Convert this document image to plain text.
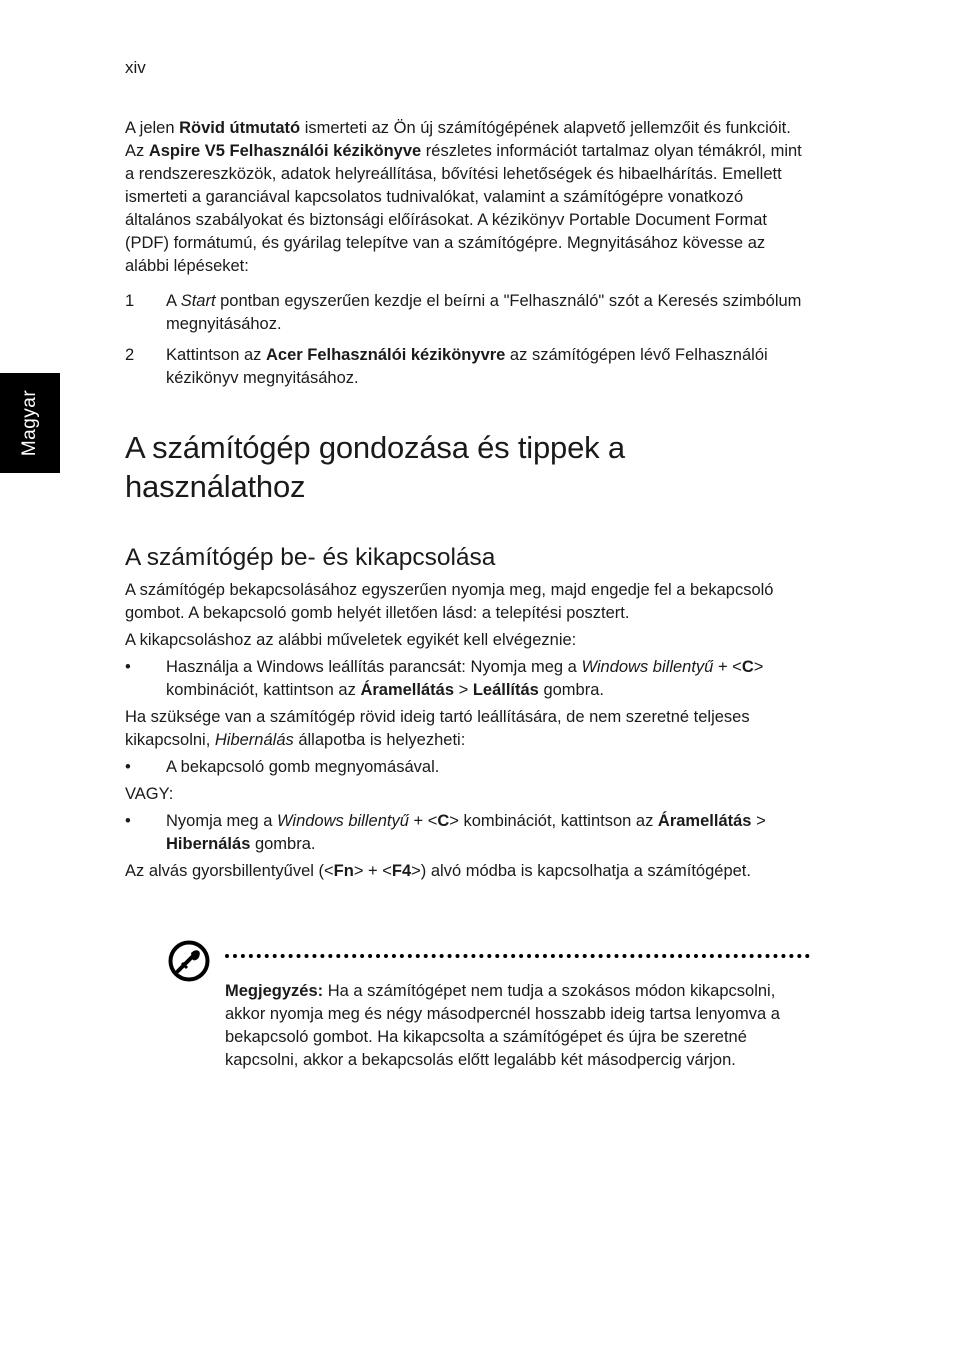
xiv
Magyar

A jelen Rövid útmutató ismerteti az Ön új számítógépének alapvető jellemzőit és funkcióit. Az Aspire V5 Felhasználói kézikönyve részletes információt tartalmaz olyan témákról, mint a rendszereszközök, adatok helyreállítása, bővítési lehetőségek és hibaelhárítás. Emellett ismerteti a garanciával kapcsolatos tudnivalókat, valamint a számítógépre vonatkozó általános szabályokat és biztonsági előírásokat. A kézikönyv Portable Document Format (PDF) formátumú, és gyárilag telepítve van a számítógépre. Megnyitásához kövesse az alábbi lépéseket:

1	A Start pontban egyszerűen kezdje el beírni a "Felhasználó" szót a Keresés szimbólum megnyitásához.
2	Kattintson az Acer Felhasználói kézikönyvre az számítógépen lévő Felhasználói kézikönyv megnyitásához.
A számítógép gondozása és tippek a használathoz
A számítógép be- és kikapcsolása

A számítógép bekapcsolásához egyszerűen nyomja meg, majd engedje fel a bekapcsoló gombot. A bekapcsoló gomb helyét illetően lásd: a telepítési posztert.

A kikapcsoláshoz az alábbi műveletek egyikét kell elvégeznie:

•	Használja a Windows leállítás parancsát: Nyomja meg a Windows billentyű + <C> kombinációt, kattintson az Áramellátás > Leállítás gombra.

Ha szüksége van a számítógép rövid ideig tartó leállítására, de nem szeretné teljeses kikapcsolni, Hibernálás állapotba is helyezheti:

•	A bekapcsoló gomb megnyomásával.

VAGY:

•	Nyomja meg a Windows billentyű + <C> kombinációt, kattintson az Áramellátás > Hibernálás gombra.

Az alvás gyorsbillentyűvel (<Fn> + <F4>) alvó módba is kapcsolhatja a számítógépet.

Megjegyzés: Ha a számítógépet nem tudja a szokásos módon kikapcsolni, akkor nyomja meg és négy másodpercnél hosszabb ideig tartsa lenyomva a bekapcsoló gombot. Ha kikapcsolta a számítógépet és újra be szeretné kapcsolni, akkor a bekapcsolás előtt legalább két másodpercig várjon.
